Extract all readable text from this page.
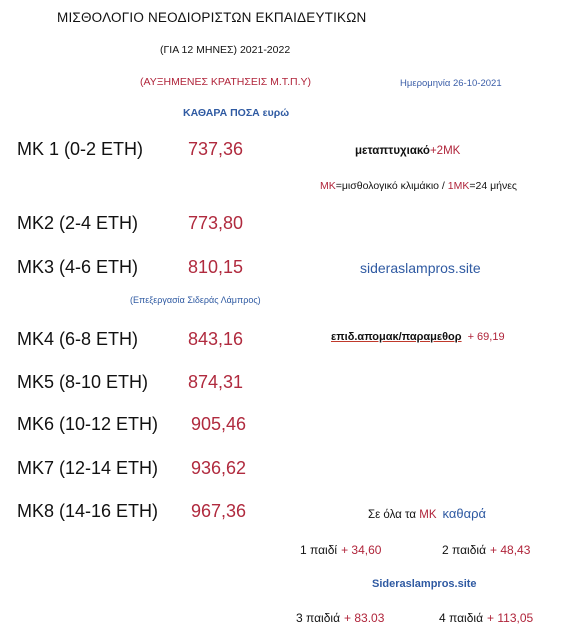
ΜΙΣΘΟΛΟΓΙΟ ΝΕΟΔΙΟΡΙΣΤΩΝ ΕΚΠΑΙΔΕΥΤΙΚΩΝ
(ΓΙΑ 12 ΜΗΝΕΣ) 2021-2022
(ΑΥΞΗΜΕΝΕΣ ΚΡΑΤΗΣΕΙΣ Μ.Τ.Π.Υ)	Ημερομηνία 26-10-2021
ΚΑΘΑΡΑ ΠΟΣΑ ευρώ
ΜΚ 1 (0-2 ΕΤΗ) 737,36
ΜΚ2 (2-4 ΕΤΗ)	773,80
ΜΚ3 (4-6 ΕΤΗ)	810,15
ΜΚ4 (6-8 ΕΤΗ)	843,16
ΜΚ5 (8-10 ΕΤΗ) 874,31
ΜΚ6 (10-12 ΕΤΗ) 905,46
ΜΚ7 (12-14 ΕΤΗ) 936,62
ΜΚ8 (14-16 ΕΤΗ) 967,36
μεταπτυχιακό+2ΜΚ
ΜΚ=μισθολογικό κλιμάκιο / 1ΜΚ=24 μήνες
sideraslampros.site
(Επεξεργασία Σιδεράς Λάμπρος)
επιδ.απομακ/παραμεθορ + 69,19
Σε όλα τα ΜΚ καθαρά
1 παιδί + 34,60	2 παιδιά + 48,43
Sideraslampros.site
3 παιδιά + 83.03	4 παιδιά + 113,05
